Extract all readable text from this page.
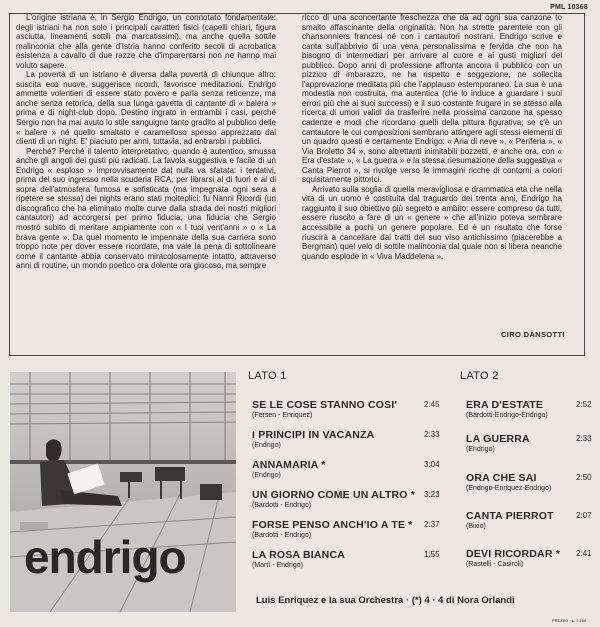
PML 10368

L'origine istriana è, in Sergio Endrigo, un connotato fondamentale: degli istriani ha non solo i principali caratteri fisici (capelli chiari, figura asciutta, lineamenti sottili ma marcatissimi), ma anche quella sottile malinconia che alla gente d'Istria hanno conferito secoli di acrobatica esistenza a cavallo di due razze che d'imparentarsi non ne hanno mai voluto sapere.

La povertà di un istriano è diversa dalla povertà di chiunque altro: suscita eco nuove, suggerisce ricordi, favorisce meditazioni. Endrigo ammette volentieri di essere stato povero e parla senza reticenze, ma anche senza retorica, della sua lunga gavetta di cantante di « balera » prima e di night-club dopo. Destino ingrato in entrambi i casi, perché Sergio non ha mai avuto lo stile sanguigno tanto gradito al pubblico delle « balere » né quello smaltato e caramelloso spesso apprezzato dai clienti di un night. E' piaciuto per anni, tuttavia, ad entrambi i pubblici.

Perché? Perché il talento interpretativo, quando è autentico, smussa anche gli angoli dei gusti più radicati. La favola suggestiva e facile di un Endrigo « esploso » improvvisamente dal nulla va sfatata: i tentativi, prima del suo ingresso nella scuderia RCA, per librarsi al di fuori e al di sopra dell'atmosfera fumosa e sofisticata (ma impegnata ogni sera a ripetere se stessa) dei nights erano stati molteplici: fu Nanni Ricordi (un discografico che ha eliminato molte curve dalla strada dei nostri migliori cantautori) ad accorgersi per primo fiducia, una fiducia che Sergio mostrò subito di meritare ampiamente con « I tuoi vent'anni » o « La brava gente ». Da quel momento le impennate della sua carriera sono troppo note per dover essere ricordate, ma vale la pena di sottolineare come il cantante abbia conservato miracolosamente intatto, attraverso anni di routine, un mondo poetico ora dolente ora giocoso, ma sempre

ricco di una sconcertante freschezza che dà ad ogni sua canzone to smalto affascinante della originalità. Non ha strette parentele con gli chansonniers francesi né con i cantautori nostrani. Endrigo scrive e canta sull'abbrivio di una vena personalissima e fervida che non ha bisogno di intermediari per arrivare al cuore e ai gusti migliori del pubblico. Dopo anni di professione affronta ancora il pubblico con un pizzico di imbarazzo, ne ha rispetto e soggezione, ne sollecita l'approvazione meditata più che l'applauso estemporaneo. La sua è una modestia non costruita, ma autentica (che lo induce a guardare i suoi errori più che ai suoi successi) e il suo costante frugare in se stesso alla ricerca di umori validi da trasferire nella prossima canzone ha spesso cadenze e modi che ricordano quelli della pittura figurativa; se c'è un cantautore le cui composizioni sembrano attingere agli stessi elementi di un quadro questi è certamente Endrigo: « Aria di neve », « Periferia », « Via Broletto 34 », sono altrettanti inimitabili bozzetti, e anche ora, con « Era d'estate », « La guerra » e la stessa riesumazione della suggestiva « Canta Pierrot », si rivolge verso le immagini ricche di contorni a colori squisitamente pittorici.

Arrivato sulla soglia di quella meravigliosa e drammatica età che nella vita di un uomo è costituita dal traguardo dei trenta anni, Endrigo ha raggiunto il suo obiettivo più segreto e ambito: essere compreso da tutti, essere riuscito a fare di un « genere » che all'inizio poteva sembrare accessibile a pochi un genere popolare. Ed è un risultato che forse riuscirà a cancellare dai tratti del suo viso antichissimo (piacerebbe a Bergman) quel velo di sottile malinconia dal quale non si libera neanche quando esplode in « Viva Maddelena ».

CIRO DANSOTTI
endrigo
LATO 1	LATO 2
SE LE COSE STANNO COSI'
(Fersen - Enriquez)
2:45
I PRINCIPI IN VACANZA
(Endrigo)
2:33
ANNAMARIA *
(Endrigo)
3:04
UN GIORNO COME UN ALTRO *
(Bardotti - Endrigo)
3:23
FORSE PENSO ANCH'IO A TE *
(Bardotti - Endrigo)
2:37
LA ROSA BIANCA
(Martì - Endrigo)
1:55
ERA D'ESTATE
(Bardotti-Endrigo-Endrigo)
2:52
LA GUERRA
(Endrigo)
2:33
ORA CHE SAI
(Endrigo-Enriquez-Endrigo)
2:50
CANTA PIERROT
(Bixio)
2:07
DEVI RICORDAR *
(Rastelli - Casiroli)
2:41
Luis Enriquez e la sua Orchestra · (*) 4 · 4 di Nora Orlandi
PREZZO · L. 2.700
